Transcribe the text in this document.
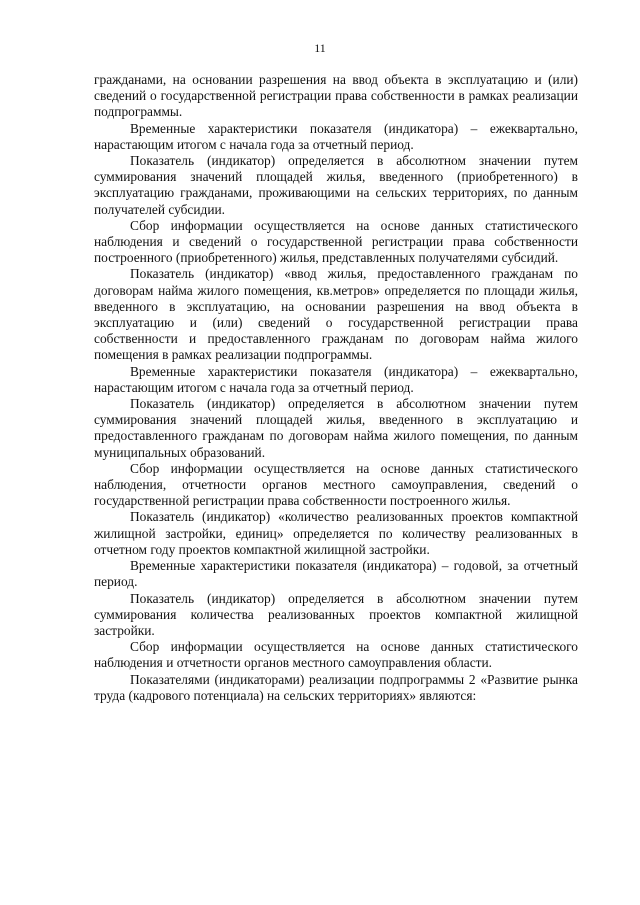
11

гражданами, на основании разрешения на ввод объекта в эксплуатацию и (или) сведений о государственной регистрации права собственности в рамках реализации подпрограммы.

Временные характеристики показателя (индикатора) – ежеквартально, нарастающим итогом с начала года за отчетный период.

Показатель (индикатор) определяется в абсолютном значении путем суммирования значений площадей жилья, введенного (приобретенного) в эксплуатацию гражданами, проживающими на сельских территориях, по данным получателей субсидии.

Сбор информации осуществляется на основе данных статистического наблюдения и сведений о государственной регистрации права собственности построенного (приобретенного) жилья, представленных получателями субсидий.

Показатель (индикатор) «ввод жилья, предоставленного гражданам по договорам найма жилого помещения, кв.метров» определяется по площади жилья, введенного в эксплуатацию, на основании разрешения на ввод объекта в эксплуатацию и (или) сведений о государственной регистрации права собственности и предоставленного гражданам по договорам найма жилого помещения в рамках реализации подпрограммы.

Временные характеристики показателя (индикатора) – ежеквартально, нарастающим итогом с начала года за отчетный период.

Показатель (индикатор) определяется в абсолютном значении путем суммирования значений площадей жилья, введенного в эксплуатацию и предоставленного гражданам по договорам найма жилого помещения, по данным муниципальных образований.

Сбор информации осуществляется на основе данных статистического наблюдения, отчетности органов местного самоуправления, сведений о государственной регистрации права собственности построенного жилья.

Показатель (индикатор) «количество реализованных проектов компактной жилищной застройки, единиц» определяется по количеству реализованных в отчетном году проектов компактной жилищной застройки.

Временные характеристики показателя (индикатора) – годовой, за отчетный период.

Показатель (индикатор) определяется в абсолютном значении путем суммирования количества реализованных проектов компактной жилищной застройки.

Сбор информации осуществляется на основе данных статистического наблюдения и отчетности органов местного самоуправления области.

Показателями (индикаторами) реализации подпрограммы 2 «Развитие рынка труда (кадрового потенциала) на сельских территориях» являются:
